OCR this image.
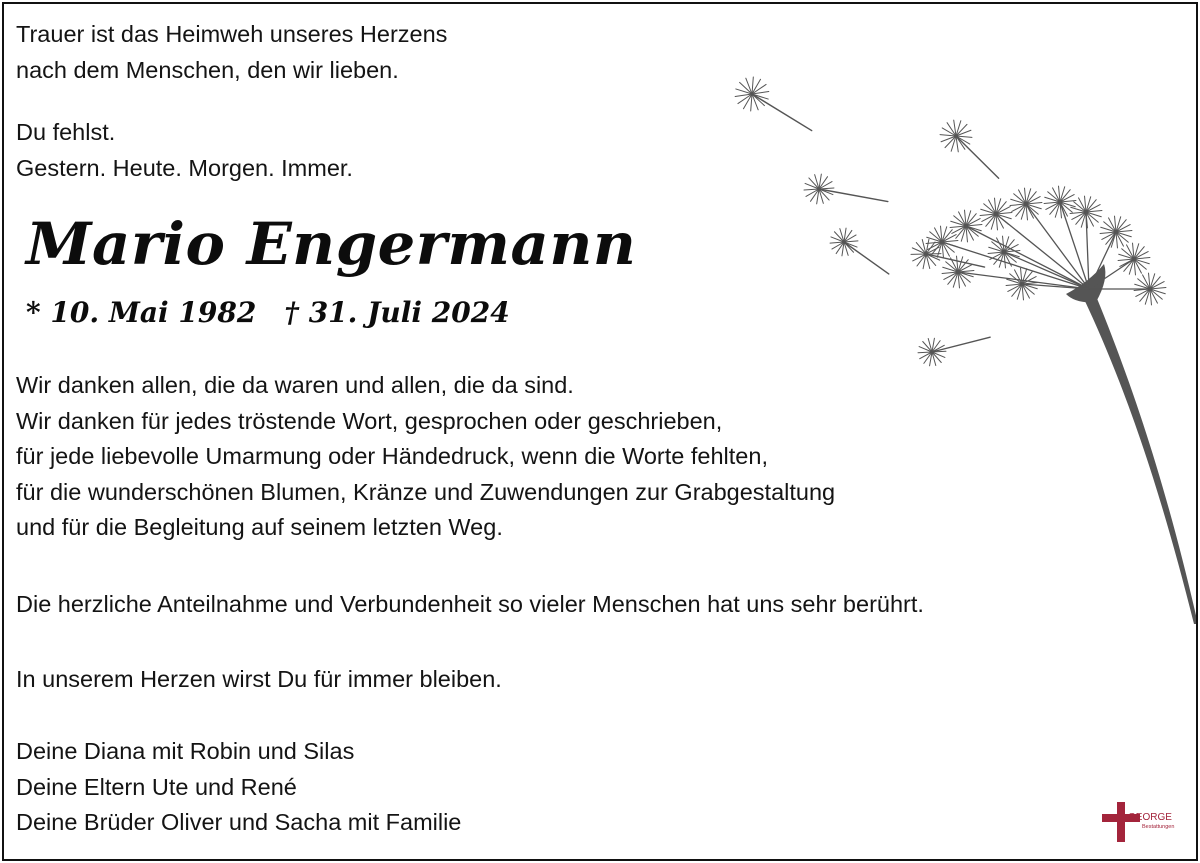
Trauer ist das Heimweh unseres Herzens
nach dem Menschen, den wir lieben.

Du fehlst.
Gestern. Heute. Morgen. Immer.

Mario Engermann

* 10. Mai 1982 † 31. Juli 2024

Wir danken allen, die da waren und allen, die da sind.
Wir danken für jedes tröstende Wort, gesprochen oder geschrieben,
für jede liebevolle Umarmung oder Händedruck, wenn die Worte fehlten,
für die wunderschönen Blumen, Kränze und Zuwendungen zur Grabgestaltung
und für die Begleitung auf seinem letzten Weg.

Die herzliche Anteilnahme und Verbundenheit so vieler Menschen hat uns sehr berührt.

In unserem Herzen wirst Du für immer bleiben.

Deine Diana mit Robin und Silas
Deine Eltern Ute und René
Deine Brüder Oliver und Sacha mit Familie	GEORGE
Bestattungen
